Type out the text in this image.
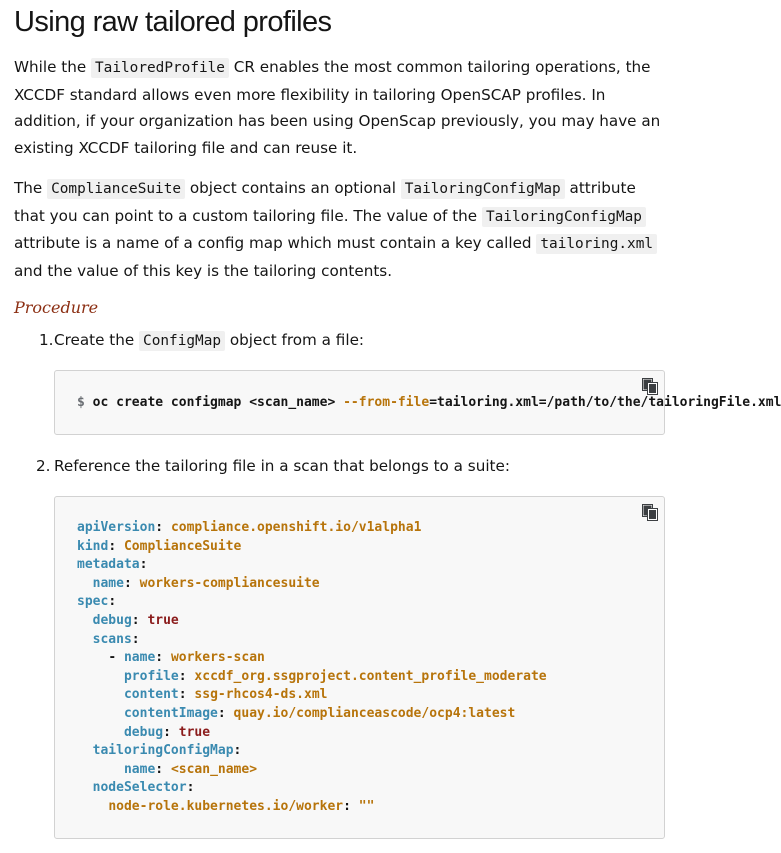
Using raw tailored profiles

While the TailoredProfile CR enables the most common tailoring operations, the XCCDF standard allows even more flexibility in tailoring OpenSCAP profiles. In addition, if your organization has been using OpenScap previously, you may have an existing XCCDF tailoring file and can reuse it.

The ComplianceSuite object contains an optional TailoringConfigMap attribute that you can point to a custom tailoring file. The value of the TailoringConfigMap attribute is a name of a config map which must contain a key called tailoring.xml and the value of this key is the tailoring contents.

Procedure
1. Create the ConfigMap object from a file:
$ oc create configmap <scan_name> --from-file=tailoring.xml=/path/to/the/tailoringFile.xml
2. Reference the tailoring file in a scan that belongs to a suite:
apiVersion: compliance.openshift.io/v1alpha1
kind: ComplianceSuite
metadata:
name: workers-compliancesuite
spec:
debug: true
scans:
- name: workers-scan
profile: xccdf_org.ssgproject.content_profile_moderate
content: ssg-rhcos4-ds.xml
contentImage: quay.io/complianceascode/ocp4:latest
debug: true
tailoringConfigMap:
name: <scan_name>
nodeSelector:
node-role.kubernetes.io/worker: ""
